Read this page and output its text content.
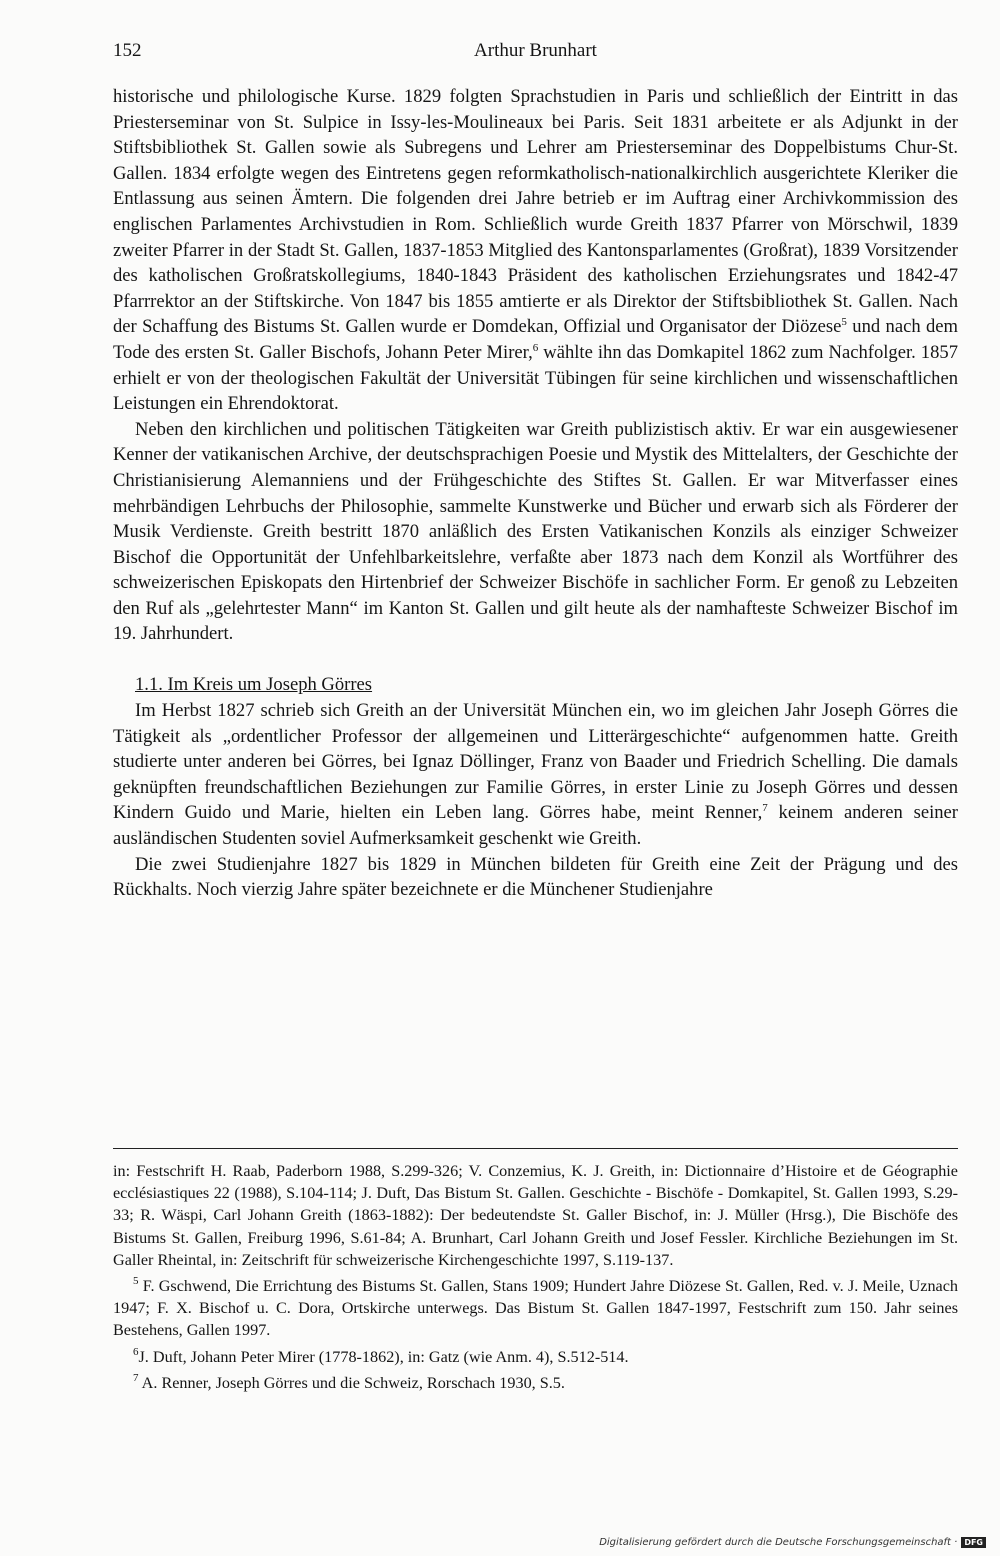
152	Arthur Brunhart

historische und philologische Kurse. 1829 folgten Sprachstudien in Paris und schließlich der Eintritt in das Priesterseminar von St. Sulpice in Issy-les-Moulineaux bei Paris. Seit 1831 arbeitete er als Adjunkt in der Stiftsbibliothek St. Gallen sowie als Subregens und Lehrer am Priesterseminar des Doppelbistums Chur-St. Gallen. 1834 erfolgte wegen des Eintretens gegen reformkatholisch-nationalkirchlich ausgerichtete Kleriker die Entlassung aus seinen Ämtern. Die folgenden drei Jahre betrieb er im Auftrag einer Archivkommission des englischen Parlamentes Archivstudien in Rom. Schließlich wurde Greith 1837 Pfarrer von Mörschwil, 1839 zweiter Pfarrer in der Stadt St. Gallen, 1837-1853 Mitglied des Kantonsparlamentes (Großrat), 1839 Vorsitzender des katholischen Großratskollegiums, 1840-1843 Präsident des katholischen Erziehungsrates und 1842-47 Pfarrrektor an der Stiftskirche. Von 1847 bis 1855 amtierte er als Direktor der Stiftsbibliothek St. Gallen. Nach der Schaffung des Bistums St. Gallen wurde er Domdekan, Offizial und Organisator der Diözese$^5$ und nach dem Tode des ersten St. Galler Bischofs, Johann Peter Mirer,$^6$ wählte ihn das Domkapitel 1862 zum Nachfolger. 1857 erhielt er von der theologischen Fakultät der Universität Tübingen für seine kirchlichen und wissenschaftlichen Leistungen ein Ehrendoktorat.

Neben den kirchlichen und politischen Tätigkeiten war Greith publizistisch aktiv. Er war ein ausgewiesener Kenner der vatikanischen Archive, der deutschsprachigen Poesie und Mystik des Mittelalters, der Geschichte der Christianisierung Alemanniens und der Frühgeschichte des Stiftes St. Gallen. Er war Mitverfasser eines mehrbändigen Lehrbuchs der Philosophie, sammelte Kunstwerke und Bücher und erwarb sich als Förderer der Musik Verdienste. Greith bestritt 1870 anläßlich des Ersten Vatikanischen Konzils als einziger Schweizer Bischof die Opportunität der Unfehlbarkeitslehre, verfaßte aber 1873 nach dem Konzil als Wortführer des schweizerischen Episkopats den Hirtenbrief der Schweizer Bischöfe in sachlicher Form. Er genoß zu Lebzeiten den Ruf als „gelehrtester Mann“ im Kanton St. Gallen und gilt heute als der namhafteste Schweizer Bischof im 19. Jahrhundert.

1.1. Im Kreis um Joseph Görres

Im Herbst 1827 schrieb sich Greith an der Universität München ein, wo im gleichen Jahr Joseph Görres die Tätigkeit als „ordentlicher Professor der allgemeinen und Litterärgeschichte“ aufgenommen hatte. Greith studierte unter anderen bei Görres, bei Ignaz Döllinger, Franz von Baader und Friedrich Schelling. Die damals geknüpften freundschaftlichen Beziehungen zur Familie Görres, in erster Linie zu Joseph Görres und dessen Kindern Guido und Marie, hielten ein Leben lang. Görres habe, meint Renner,$^7$ keinem anderen seiner ausländischen Studenten soviel Aufmerksamkeit geschenkt wie Greith.

Die zwei Studienjahre 1827 bis 1829 in München bildeten für Greith eine Zeit der Prägung und des Rückhalts. Noch vierzig Jahre später bezeichnete er die Münchener Studienjahre

in: Festschrift H. Raab, Paderborn 1988, S.299-326; V. Conzemius, K. J. Greith, in: Dictionnaire d’Histoire et de Géographie ecclésiastiques 22 (1988), S.104-114; J. Duft, Das Bistum St. Gallen. Geschichte - Bischöfe - Domkapitel, St. Gallen 1993, S.29-33; R. Wäspi, Carl Johann Greith (1863-1882): Der bedeutendste St. Galler Bischof, in: J. Müller (Hrsg.), Die Bischöfe des Bistums St. Gallen, Freiburg 1996, S.61-84; A. Brunhart, Carl Johann Greith und Josef Fessler. Kirchliche Beziehungen im St. Galler Rheintal, in: Zeitschrift für schweizerische Kirchengeschichte 1997, S.119-137.

$^5$ F. Gschwend, Die Errichtung des Bistums St. Gallen, Stans 1909; Hundert Jahre Diözese St. Gallen, Red. v. J. Meile, Uznach 1947; F. X. Bischof u. C. Dora, Ortskirche unterwegs. Das Bistum St. Gallen 1847-1997, Festschrift zum 150. Jahr seines Bestehens, Gallen 1997.

$^6$J. Duft, Johann Peter Mirer (1778-1862), in: Gatz (wie Anm. 4), S.512-514.

$^7$ A. Renner, Joseph Görres und die Schweiz, Rorschach 1930, S.5.

Digitalisierung gefördert durch die Deutsche Forschungsgemeinschaft · DFG
